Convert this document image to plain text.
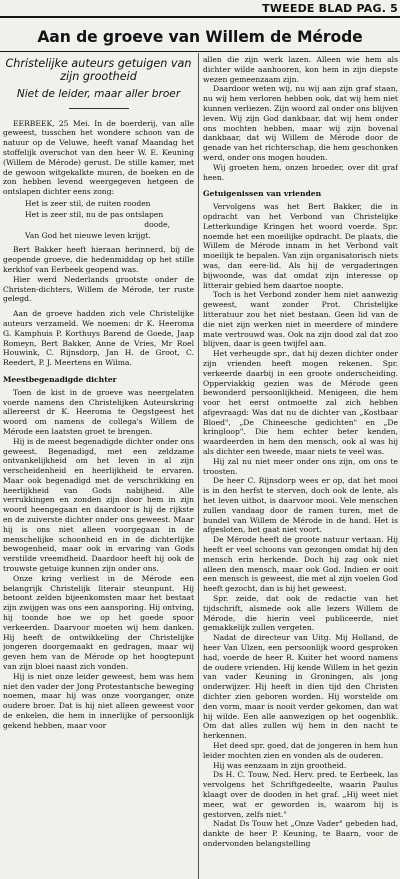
TWEEDE BLAD PAG. 5
Aan de groeve van Willem de Mérode
Christelijke auteurs getuigen van zijn grootheid
Niet de leider, maar aller broer

EERBEEK, 25 Mei. In de boerderij, van alle geweest, tusschen het wondere schoon van de natuur op de Veluwe, heeft vanaf Maandag het stoffelijk overschot van den heer W. E. Keuning (Willem de Mérode) gerust. De stille kamer, met de gewoon witgekalkte muren, de boeken en de zon hebben levend weergegeven hetgeen de ontslapen dichter eens zong:

Het is zeer stil, de ruiten rooden
Het is zeer stil, nu de pas ontslapen
doode,
Van God het nieuwe leven krijgt.

Bert Bakker heeft hieraan herinnerd, bij de geopende groeve, die hedenmiddag op het stille kerkhof van Eerbeek geopend was.

Hier werd Nederlands grootste onder de Christen-dichters, Willem de Mérode, ter ruste gelegd.

Aan de groeve hadden zich vele Christelijke auteurs verzameld. We noemen: dr K. Heeroma G. Kamphuis P. Korthuys Barend de Goede, Jaap Romeyn, Bert Bakker, Anne de Vries, Mr Roel Houwink, C. Rijnsdorp, Jan H. de Groot, C. Reedert, P. J. Meertens en Wilma.

Meestbegenadigde dichter

Toen de kist in de groeve was neergelaten voerde namens den Christelijken Auteurskring allereerst dr K. Heeroma te Oegstgeest het woord om namens de collega's Willem de Mérode een laatsten groet te brengen.

Hij is de meest begenadigde dichter onder ons geweest. Begenadigd, met een zeldzame ontvankelijkheid om het leven in al zijn verscheidenheid en heerlijkheid te ervaren. Maar ook begenadigd met de verschrikking en heerlijkheid van Gods nabijheid. Alle verrukkingen en zonden zijn door hem in zijn woord heengegaan en daardoor is hij de rijkste en de zuiverste dichter onder ons geweest. Maar hij is ons niet alleen voorgegaan in de menschelijke schoonheid en in de dichterlijke bewogenheid, maar ook in ervaring van Gods verstilde vreemdheid. Daardoor heeft hij ook de trouwste getuige kunnen zijn onder ons.

Onze kring verliest in de Mérode een belangrijk Christelijk literair steunpunt. Hij betoont zelden bijeenkomsten maar het bestaat zijn zwijgen was ons een aansporing. Hij ontving, hij toonde hoe we op het goede spoor verkeerden. Daarvoor moeten wij hem danken. Hij heeft de ontwikkeling der Christelijke jongeren doorgemaakt en gedragen, maar wij geven hem van de Mérode op het hoogtepunt van zijn bloei naast zich vonden.

Hij is niet onze leider geweest, hem was hem niet den vader der Jong Protestantsche beweging noemen, maar hij was onze voorganger, onze oudere broer. Dat is hij niet alleen geweest voor de enkelen, die hem in innerlijke of persoonlijk gekend hebben, maar voor

allen die zijn werk lazen. Alleen wie hem als dichter wilde aanhooren, kon hem in zijn diepste wezen gemeenzaam zijn.

Daardoor weten wij, nu wij aan zijn graf staan, nu wij hem verloren hebben ook, dat wij hem niet kunnen verliezen. Zijn woord zal onder ons blijven leven. Wij zijn God dankbaar, dat wij hem onder ons mochten hebben, maar wij zijn bovenal dankbaar, dat wij Willem de Mérode door de genade van het richterschap, die hem geschonken werd, onder ons mogen houden.

Wij groeten hem, onzen broeder, over dit graf heen.

Getuigenissen van vrienden

Vervolgens was het Bert Bakker, die in opdracht van het Verbond van Christelijke Letterkundige Kringen het woord voerde. Spr. noemde het een moeilijke opdracht. De plaats, die Willem de Mérode innam in het Verbond valt moeilijk te bepalen. Van zijn organisatorisch niets was, dan eere-lid. Als hij de vergaderingen bijwoonde, was dat omdat zijn interesse op litterair gebied hem daartoe noopte.

Toch is het Verbond zonder hem niet aanwezig geweest, want zonder Prot. Christelijke litteratuur zou het niet bestaan. Geen lid van de die niet zijn werken niet in meerdere of mindere mate vertrouwd was. Ook na zijn dood zal dat zoo blijven, daar is geen twijfel aan.

Het verheugde spr., dat hij dezen dichter onder zijn vrienden heeft mogen rekenen. Spr. verkeerde daarbij in een groote onderscheiding. Opperviakkig gezien was de Mérode geen bewonderd persoonlijkheid. Menigeen, die hem voor het eerst ontmoette zal zich hebben afgevraagd: Was dat nu de dichter van „Kostbaar Bloed", „De Chineesche gedichten" en „De kringloop". Die hem echter beter kenden, waardeerden in hem den mensch, ook al was hij als dichter een tweede, maar niets te veel was.

Hij zal nu niet meer onder ons zijn, om ons te troosten.

De heer C. Rijnsdorp wees er op, dat het mooi is in den herfst te sterven, doch ook de lente, als het leven uitbot, is daarvoor mooi. Vele menschen zullen vandaag door de ramen turen, met de bundel van Willem de Mérode in de hand. Het is afgesloten, het gaat niet voort.

De Mérode heeft de groote natuur vertaan. Hij heeft er veel schoons van gezongen omdat hij den mensch erin herkende. Doch hij zag ook niet alleen den mensch, maar ook God. Indien er ooit een mensch is geweest, die met al zijn voelen God heeft gezocht, dan is hij het geweest.

Spr. zeide, dat ook de redactie van het tijdschrift, alsmede ook alle lezers Willem de Mérode, die hierin veel publiceerde, niet gemakkelijk zullen vergeten.

Nadat de directeur van Uitg. Mij Holland, de heer Van Ulzen, een persoonlijk woord gesproken had, voerde de heer R. Kuiter het woord namens de oudere vrienden. Hij kende Willem in het gezin van vader Keuning in Groningen, als jong onderwijzer. Hij heeft in dien tijd den Christen dichter zien geboren worden. Hij worstelde om den vorm, maar is nooit verder gekomen, dan wat hij wilde. Een alle aanwezigen op het oogenblik. Om dat alles zullen wij hem in den nacht te herkennen.

Het deed spr. goed, dat de jongeren in hem hun leider mochten zien en vonden als de ouderen.

Hij was eenzaam in zijn grootheid.

Ds H. C. Touw, Ned. Herv. pred. te Eerbeek, las vervolgens het Schriftgedeelte, waarin Paulus klaagt over de dooden in het graf. „Hij weet niet meer, wat er geworden is, waarom hij is gestorven, zelfs niet."

Nadat Ds Touw het „Onze Vader" gebeden had, dankte de heer P. Keuning, te Baarn, voor de ondervonden belangstelling
